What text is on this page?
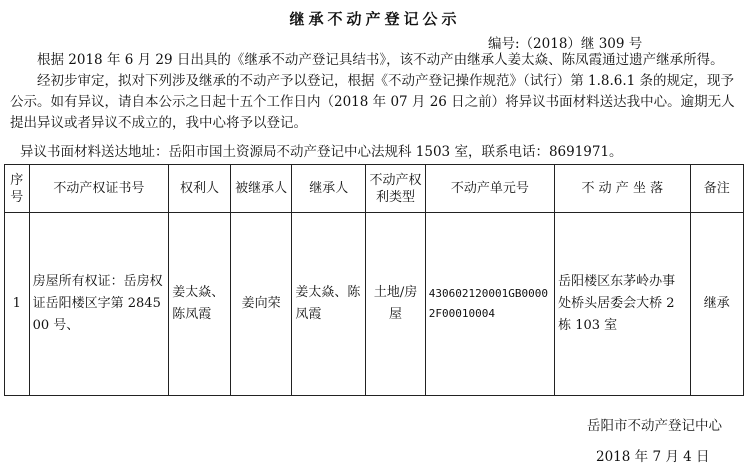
继承不动产登记公示
编号:（2018）继 309 号
根据 2018 年 6 月 29 日出具的《继承不动产登记具结书》，该不动产由继承人姜太焱、陈凤霞通过遗产继承所得。
经初步审定，拟对下列涉及继承的不动产予以登记，根据《不动产登记操作规范》（试行）第 1.8.6.1 条的规定，现予公示。如有异议，请自本公示之日起十五个工作日内（2018 年 07 月 26 日之前）将异议书面材料送达我中心。逾期无人提出异议或者异议不成立的，我中心将予以登记。
异议书面材料送达地址：岳阳市国土资源局不动产登记中心法规科 1503 室，联系电话：8691971。
序号	不动产权证书号	权利人	被继承人	继承人	不动产权利类型	不动产单元号	不 动 产 坐 落	备注
1	房屋所有权证：岳房权证岳阳楼区字第 284500 号、	姜太焱、陈凤霞	姜向荣	姜太焱、陈凤霞	土地/房屋	430602120001GB00002F00010004	岳阳楼区东茅岭办事处桥头居委会大桥 2 栋 103 室	继承
岳阳市不动产登记中心
2018 年 7 月 4 日
